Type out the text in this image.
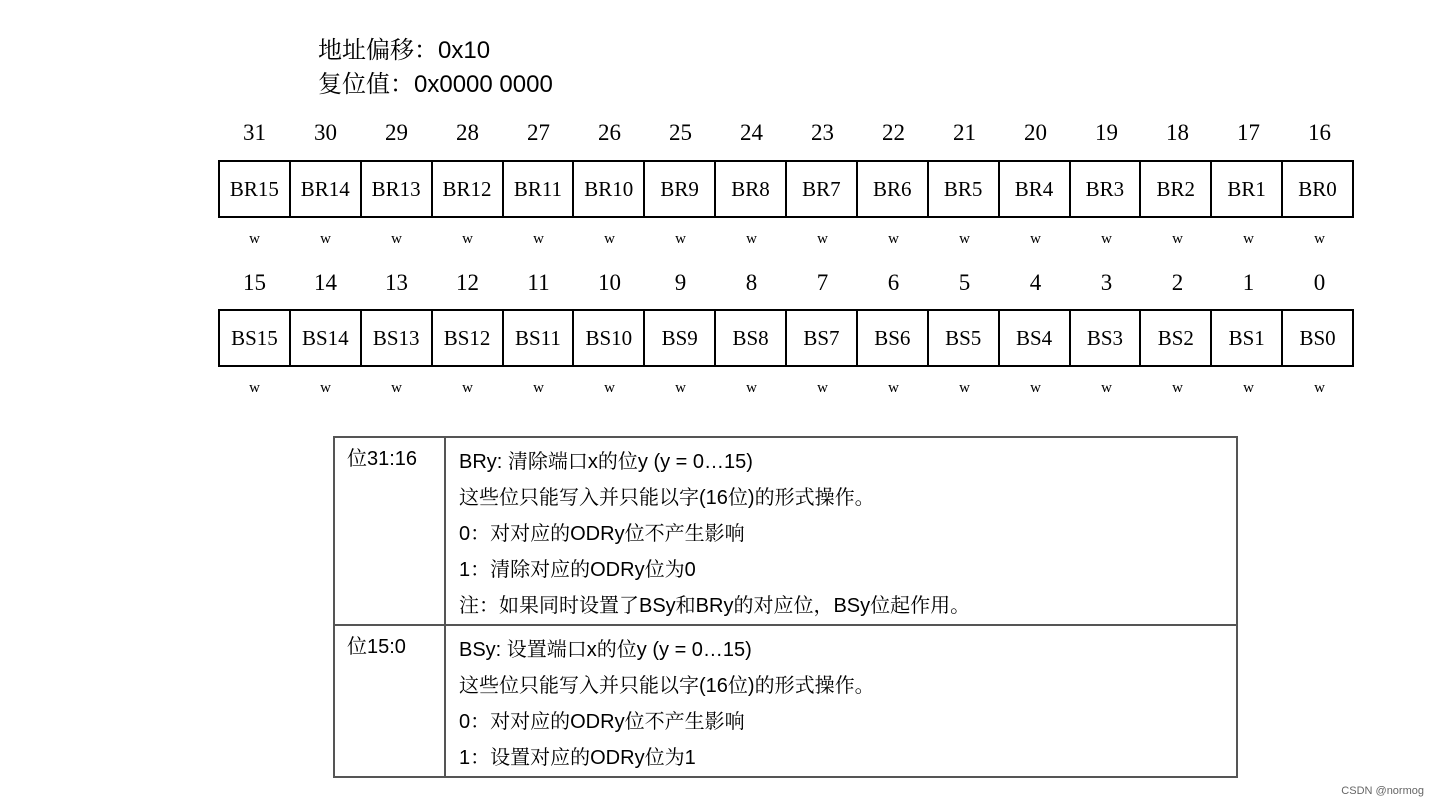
地址偏移：0x10
复位值：0x0000 0000
31	30	29	28	27	26	25	24	23	22	21	20	19	18	17	16
BR15	BR14	BR13	BR12	BR11	BR10	BR9	BR8	BR7	BR6	BR5	BR4	BR3	BR2	BR1	BR0
w	w	w	w	w	w	w	w	w	w	w	w	w	w	w	w
15	14	13	12	11	10	9	8	7	6	5	4	3	2	1	0
BS15	BS14	BS13	BS12	BS11	BS10	BS9	BS8	BS7	BS6	BS5	BS4	BS3	BS2	BS1	BS0
w	w	w	w	w	w	w	w	w	w	w	w	w	w	w	w
位31:16	BRy: 清除端口x的位y (y = 0…15)
这些位只能写入并只能以字(16位)的形式操作。
0：对对应的ODRy位不产生影响
1：清除对应的ODRy位为0
注：如果同时设置了BSy和BRy的对应位，BSy位起作用。
位15:0	BSy: 设置端口x的位y (y = 0…15)
这些位只能写入并只能以字(16位)的形式操作。
0：对对应的ODRy位不产生影响
1：设置对应的ODRy位为1
CSDN @normog
